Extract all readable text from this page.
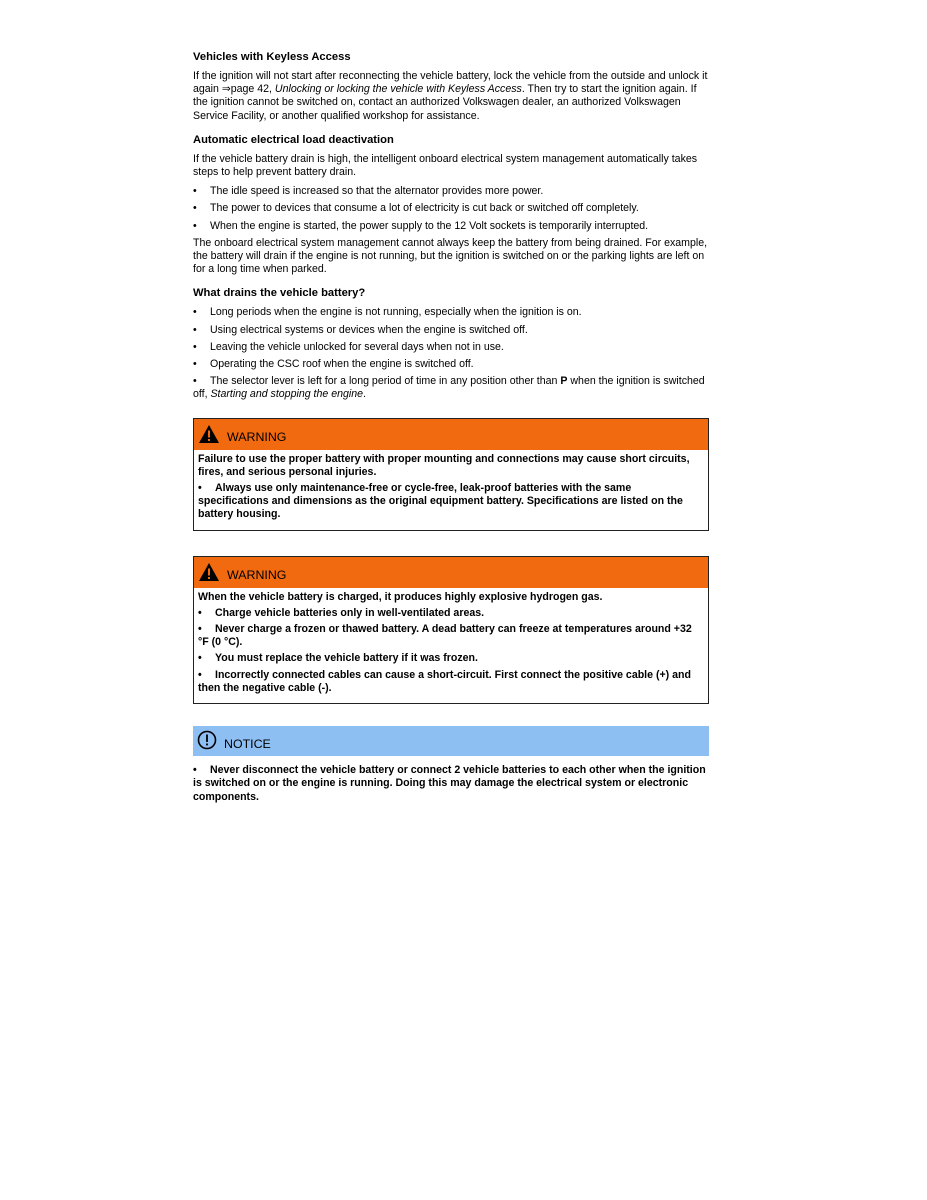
Vehicles with Keyless Access
If the ignition will not start after reconnecting the vehicle battery, lock the vehicle from the outside and unlock it again ⇒page 42, Unlocking or locking the vehicle with Keyless Access. Then try to start the ignition again. If the ignition cannot be switched on, contact an authorized Volkswagen dealer, an authorized Volkswagen Service Facility, or another qualified workshop for assistance.
Automatic electrical load deactivation
If the vehicle battery drain is high, the intelligent onboard electrical system management automatically takes steps to help prevent battery drain.
• The idle speed is increased so that the alternator provides more power.
• The power to devices that consume a lot of electricity is cut back or switched off completely.
• When the engine is started, the power supply to the 12 Volt sockets is temporarily interrupted.
The onboard electrical system management cannot always keep the battery from being drained. For example, the battery will drain if the engine is not running, but the ignition is switched on or the parking lights are left on for a long time when parked.
What drains the vehicle battery?
• Long periods when the engine is not running, especially when the ignition is on.
• Using electrical systems or devices when the engine is switched off.
• Leaving the vehicle unlocked for several days when not in use.
• Operating the CSC roof when the engine is switched off.
• The selector lever is left for a long period of time in any position other than P when the ignition is switched off, Starting and stopping the engine.
WARNING
Failure to use the proper battery with proper mounting and connections may cause short circuits, fires, and serious personal injuries.
• Always use only maintenance-free or cycle-free, leak-proof batteries with the same specifications and dimensions as the original equipment battery. Specifications are listed on the battery housing.
WARNING
When the vehicle battery is charged, it produces highly explosive hydrogen gas.
• Charge vehicle batteries only in well-ventilated areas.
• Never charge a frozen or thawed battery. A dead battery can freeze at temperatures around +32 °F (0 °C).
• You must replace the vehicle battery if it was frozen.
• Incorrectly connected cables can cause a short-circuit. First connect the positive cable (+) and then the negative cable (-).
NOTICE
• Never disconnect the vehicle battery or connect 2 vehicle batteries to each other when the ignition is switched on or the engine is running. Doing this may damage the electrical system or electronic components.
